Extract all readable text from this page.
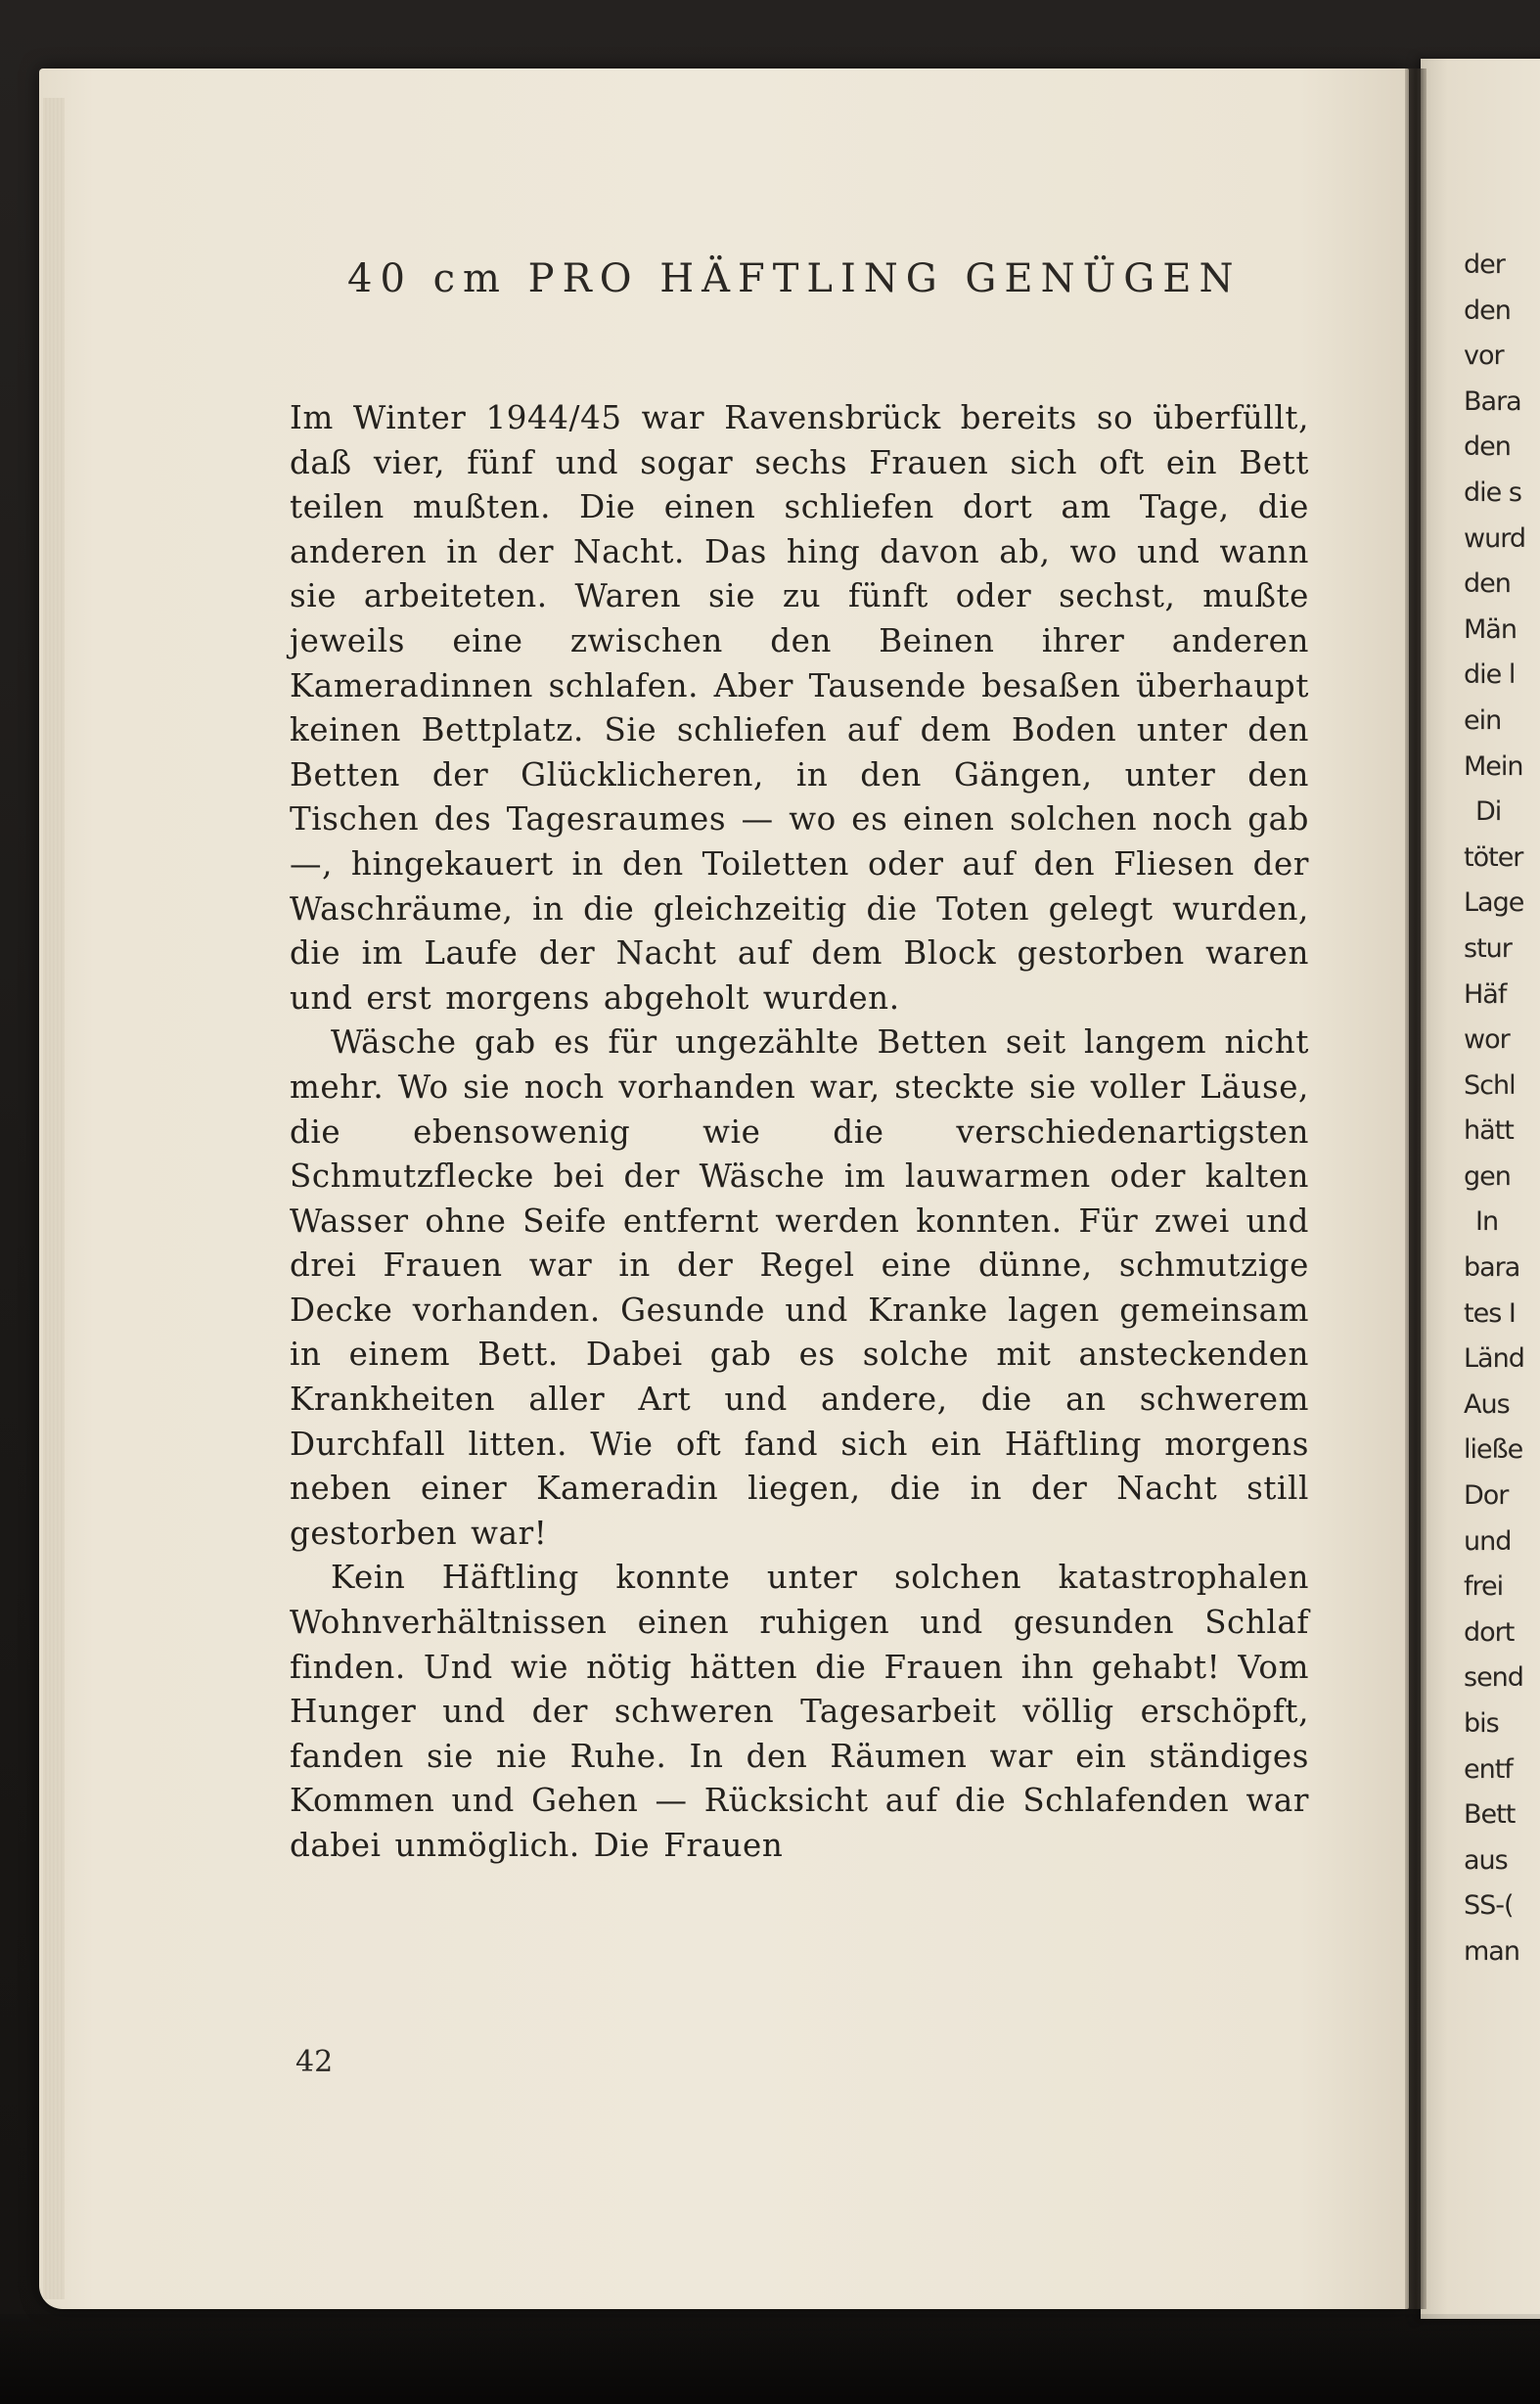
40 cm PRO HÄFTLING GENÜGEN

Im Winter 1944/45 war Ravensbrück bereits so überfüllt, daß vier, fünf und sogar sechs Frauen sich oft ein Bett teilen mußten. Die einen schliefen dort am Tage, die anderen in der Nacht. Das hing davon ab, wo und wann sie arbeiteten. Waren sie zu fünft oder sechst, mußte jeweils eine zwischen den Beinen ihrer anderen Kameradinnen schlafen. Aber Tausende besaßen überhaupt keinen Bettplatz. Sie schliefen auf dem Boden unter den Betten der Glücklicheren, in den Gängen, unter den Tischen des Tagesraumes — wo es einen solchen noch gab —, hingekauert in den Toiletten oder auf den Fliesen der Waschräume, in die gleichzeitig die Toten gelegt wurden, die im Laufe der Nacht auf dem Block gestorben waren und erst morgens abgeholt wurden.

Wäsche gab es für ungezählte Betten seit langem nicht mehr. Wo sie noch vorhanden war, steckte sie voller Läuse, die ebensowenig wie die verschiedenartigsten Schmutzflecke bei der Wäsche im lauwarmen oder kalten Wasser ohne Seife entfernt werden konnten. Für zwei und drei Frauen war in der Regel eine dünne, schmutzige Decke vorhanden. Gesunde und Kranke lagen gemeinsam in einem Bett. Dabei gab es solche mit ansteckenden Krankheiten aller Art und andere, die an schwerem Durchfall litten. Wie oft fand sich ein Häftling morgens neben einer Kameradin liegen, die in der Nacht still gestorben war!

Kein Häftling konnte unter solchen katastrophalen Wohnverhältnissen einen ruhigen und gesunden Schlaf finden. Und wie nötig hätten die Frauen ihn gehabt! Vom Hunger und der schweren Tagesarbeit völlig erschöpft, fanden sie nie Ruhe. In den Räumen war ein ständiges Kommen und Gehen — Rücksicht auf die Schlafenden war dabei unmöglich. Die Frauen

42
der
den
vor
Bara
den
die s
wurd
den
Män
die l
ein
Mein
Di
töter
Lage
stur
Häf
wor
Schl
hätt
gen
In
bara
tes I
Länd
Aus
ließe
Dor
und
frei
dort
send
bis
entf
Bett
aus
SS-(
man
